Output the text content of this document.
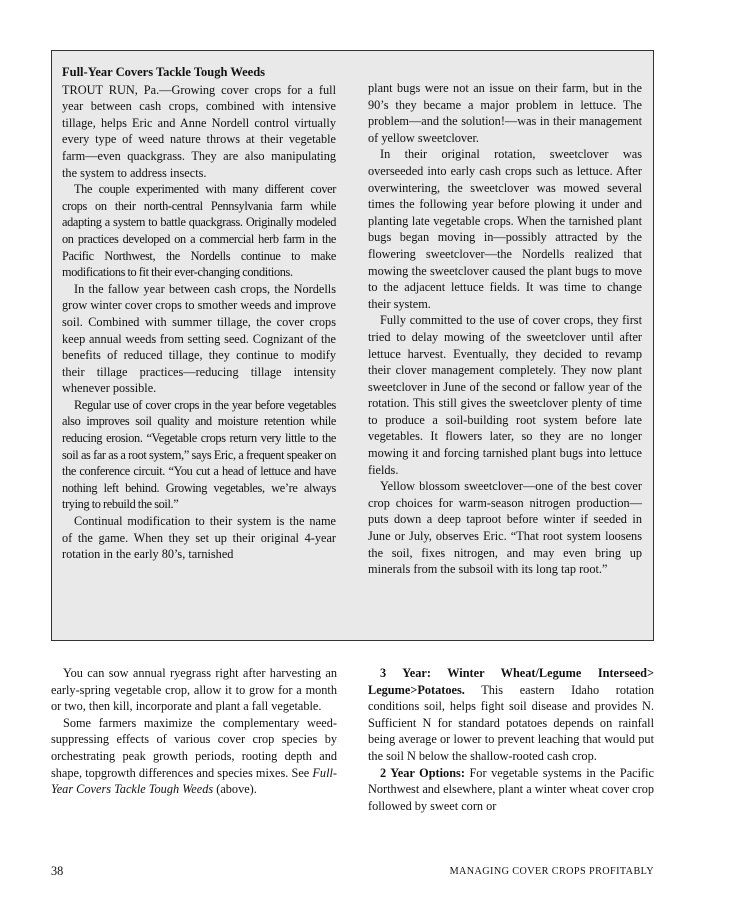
Full-Year Covers Tackle Tough Weeds

TROUT RUN, Pa.—Growing cover crops for a full year between cash crops, combined with intensive tillage, helps Eric and Anne Nordell control virtually every type of weed nature throws at their vegetable farm—even quackgrass. They are also manipulating the system to address insects.

The couple experimented with many different cover crops on their north-central Pennsylvania farm while adapting a system to battle quackgrass. Originally modeled on practices developed on a commercial herb farm in the Pacific Northwest, the Nordells continue to make modifications to fit their ever-changing conditions.

In the fallow year between cash crops, the Nordells grow winter cover crops to smother weeds and improve soil. Combined with summer tillage, the cover crops keep annual weeds from setting seed. Cognizant of the benefits of reduced tillage, they continue to modify their tillage practices—reducing tillage intensity whenever possible.

Regular use of cover crops in the year before vegetables also improves soil quality and moisture retention while reducing erosion. “Vegetable crops return very little to the soil as far as a root system,” says Eric, a frequent speaker on the conference circuit. “You cut a head of lettuce and have nothing left behind. Growing vegetables, we’re always trying to rebuild the soil.”

Continual modification to their system is the name of the game. When they set up their original 4-year rotation in the early 80’s, tarnished

plant bugs were not an issue on their farm, but in the 90’s they became a major problem in lettuce. The problem—and the solution!—was in their management of yellow sweetclover.

In their original rotation, sweetclover was overseeded into early cash crops such as lettuce. After overwintering, the sweetclover was mowed several times the following year before plowing it under and planting late vegetable crops. When the tarnished plant bugs began moving in—possibly attracted by the flowering sweetclover—the Nordells realized that mowing the sweetclover caused the plant bugs to move to the adjacent lettuce fields. It was time to change their system.

Fully committed to the use of cover crops, they first tried to delay mowing of the sweetclover until after lettuce harvest. Eventually, they decided to revamp their clover management completely. They now plant sweetclover in June of the second or fallow year of the rotation. This still gives the sweetclover plenty of time to produce a soil-building root system before late vegetables. It flowers later, so they are no longer mowing it and forcing tarnished plant bugs into lettuce fields.

Yellow blossom sweetclover—one of the best cover crop choices for warm-season nitrogen production—puts down a deep taproot before winter if seeded in June or July, observes Eric. “That root system loosens the soil, fixes nitrogen, and may even bring up minerals from the subsoil with its long tap root.”

You can sow annual ryegrass right after harvesting an early-spring vegetable crop, allow it to grow for a month or two, then kill, incorporate and plant a fall vegetable.

Some farmers maximize the complementary weed-suppressing effects of various cover crop species by orchestrating peak growth periods, rooting depth and shape, topgrowth differences and species mixes. See Full-Year Covers Tackle Tough Weeds (above).

3 Year: Winter Wheat/Legume Interseed> Legume>Potatoes. This eastern Idaho rotation conditions soil, helps fight soil disease and provides N. Sufficient N for standard potatoes depends on rainfall being average or lower to prevent leaching that would put the soil N below the shallow-rooted cash crop.

2 Year Options: For vegetable systems in the Pacific Northwest and elsewhere, plant a winter wheat cover crop followed by sweet corn or

38	MANAGING COVER CROPS PROFITABLY
